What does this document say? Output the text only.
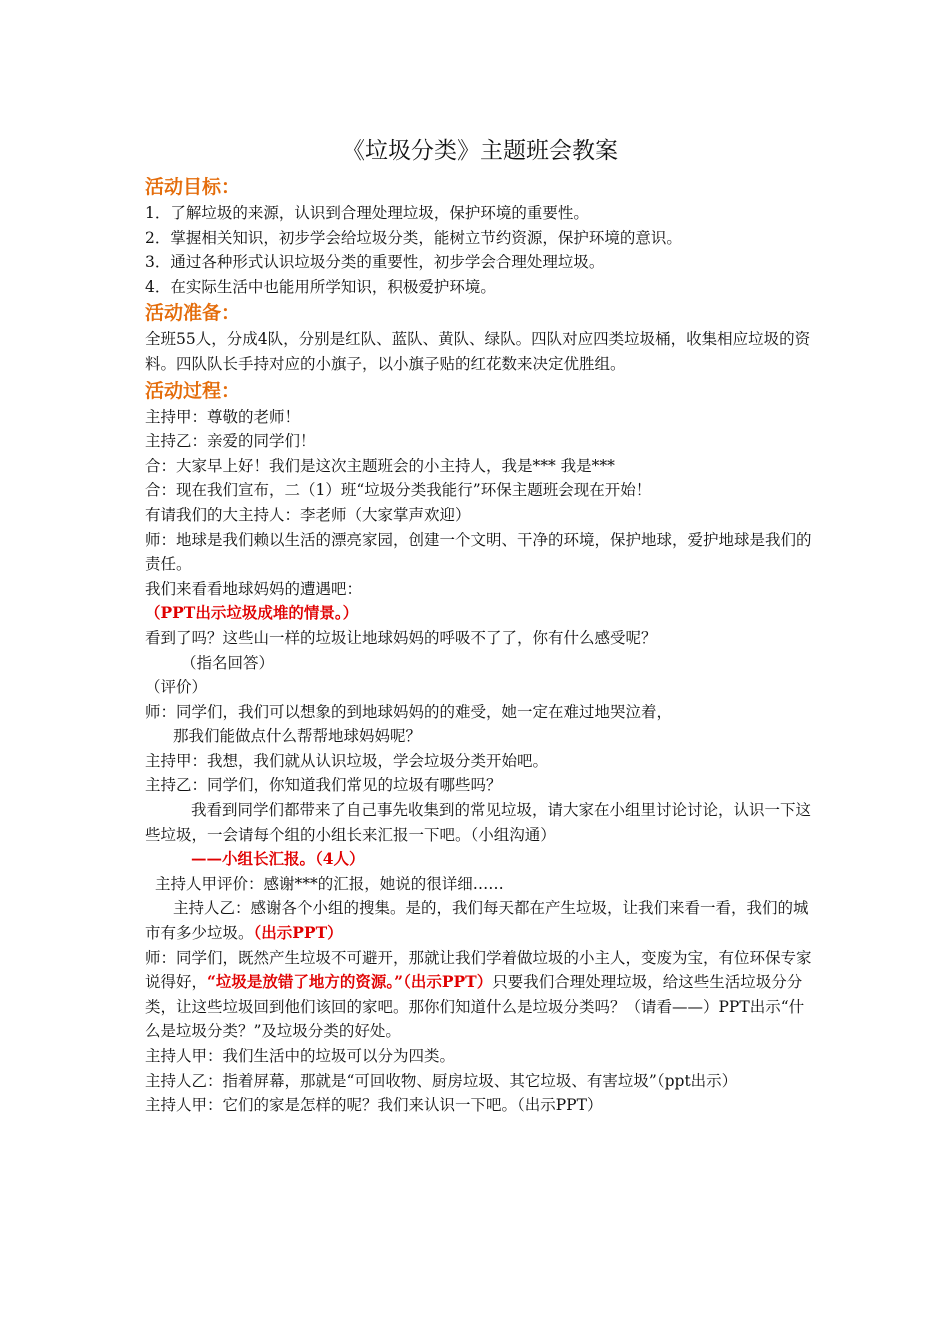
《垃圾分类》主题班会教案
活动目标：

1．了解垃圾的来源，认识到合理处理垃圾，保护环境的重要性。

2．掌握相关知识，初步学会给垃圾分类，能树立节约资源，保护环境的意识。

3．通过各种形式认识垃圾分类的重要性，初步学会合理处理垃圾。

4．在实际生活中也能用所学知识，积极爱护环境。

活动准备：

全班55人，分成4队，分别是红队、蓝队、黄队、绿队。四队对应四类垃圾桶，收集相应垃圾的资料。四队队长手持对应的小旗子，以小旗子贴的红花数来决定优胜组。

活动过程：

主持甲：尊敬的老师！

主持乙：亲爱的同学们！

合：大家早上好！我们是这次主题班会的小主持人，我是*** 我是***

合：现在我们宣布，二（1）班“垃圾分类我能行”环保主题班会现在开始！

有请我们的大主持人：李老师（大家掌声欢迎）

师：地球是我们赖以生活的漂亮家园，创建一个文明、干净的环境，保护地球，爱护地球是我们的责任。

我们来看看地球妈妈的遭遇吧：

（PPT出示垃圾成堆的情景。）

看到了吗？这些山一样的垃圾让地球妈妈的呼吸不了了，你有什么感受呢？

（指名回答）

（评价）

师：同学们，我们可以想象的到地球妈妈的的难受，她一定在难过地哭泣着，

那我们能做点什么帮帮地球妈妈呢？

主持甲：我想，我们就从认识垃圾，学会垃圾分类开始吧。

主持乙：同学们，你知道我们常见的垃圾有哪些吗？

我看到同学们都带来了自己事先收集到的常见垃圾，请大家在小组里讨论讨论，认识一下这些垃圾，一会请每个组的小组长来汇报一下吧。（小组沟通）

——小组长汇报。（4人）

主持人甲评价：感谢***的汇报，她说的很详细……

主持人乙：感谢各个小组的搜集。是的，我们每天都在产生垃圾，让我们来看一看，我们的城市有多少垃圾。（出示PPT）

师：同学们，既然产生垃圾不可避开，那就让我们学着做垃圾的小主人，变废为宝，有位环保专家说得好，“垃圾是放错了地方的资源。”（出示PPT）只要我们合理处理垃圾，给这些生活垃圾分分类，让这些垃圾回到他们该回的家吧。那你们知道什么是垃圾分类吗？（请看——）PPT出示“什么是垃圾分类？”及垃圾分类的好处。

主持人甲：我们生活中的垃圾可以分为四类。

主持人乙：指着屏幕，那就是“可回收物、厨房垃圾、其它垃圾、有害垃圾”（ppt出示）

主持人甲：它们的家是怎样的呢？我们来认识一下吧。（出示PPT）
